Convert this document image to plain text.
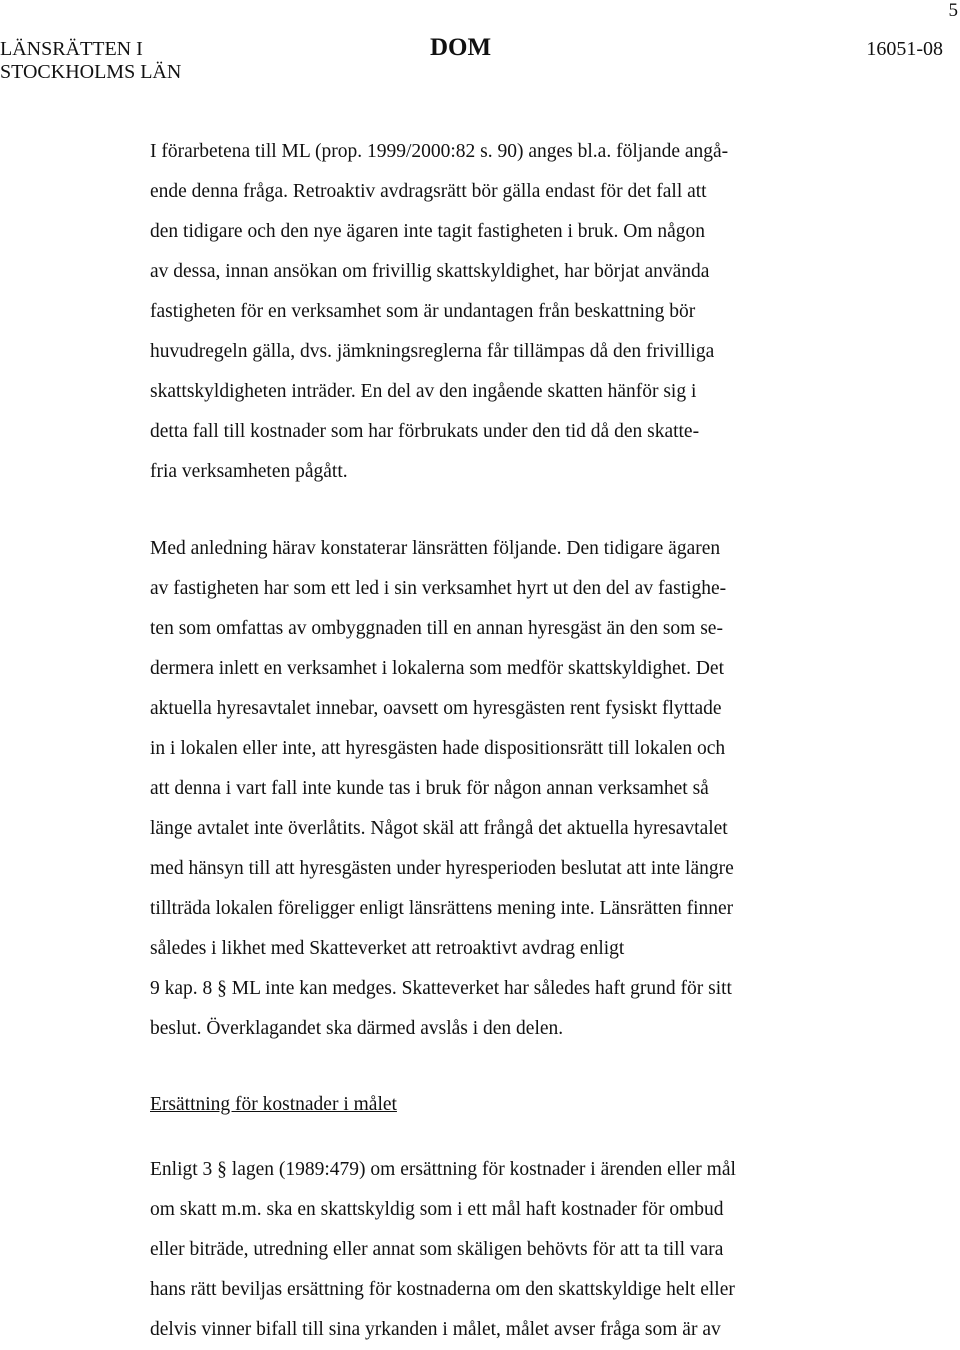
5
LÄNSRÄTTEN I
STOCKHOLMS LÄN
DOM	16051-08
I förarbetena till ML (prop. 1999/2000:82 s. 90) anges bl.a. följande angå-
ende denna fråga. Retroaktiv avdragsrätt bör gälla endast för det fall att
den tidigare och den nye ägaren inte tagit fastigheten i bruk. Om någon
av dessa, innan ansökan om frivillig skattskyldighet, har börjat använda
fastigheten för en verksamhet som är undantagen från beskattning bör
huvudregeln gälla, dvs. jämkningsreglerna får tillämpas då den frivilliga
skattskyldigheten inträder. En del av den ingående skatten hänför sig i
detta fall till kostnader som har förbrukats under den tid då den skatte-
fria verksamheten pågått.
Med anledning härav konstaterar länsrätten följande. Den tidigare ägaren
av fastigheten har som ett led i sin verksamhet hyrt ut den del av fastighe-
ten som omfattas av ombyggnaden till en annan hyresgäst än den som se-
dermera inlett en verksamhet i lokalerna som medför skattskyldighet. Det
aktuella hyresavtalet innebar, oavsett om hyresgästen rent fysiskt flyttade
in i lokalen eller inte, att hyresgästen hade dispositionsrätt till lokalen och
att denna i vart fall inte kunde tas i bruk för någon annan verksamhet så
länge avtalet inte överlåtits. Något skäl att frångå det aktuella hyresavtalet
med hänsyn till att hyresgästen under hyresperioden beslutat att inte längre
tillträda lokalen föreligger enligt länsrättens mening inte. Länsrätten finner
således i likhet med Skatteverket att retroaktivt avdrag enligt
9 kap. 8 § ML inte kan medges. Skatteverket har således haft grund för sitt
beslut. Överklagandet ska därmed avslås i den delen.
Ersättning för kostnader i målet
Enligt 3 § lagen (1989:479) om ersättning för kostnader i ärenden eller mål
om skatt m.m. ska en skattskyldig som i ett mål haft kostnader för ombud
eller biträde, utredning eller annat som skäligen behövts för att ta till vara
hans rätt beviljas ersättning för kostnaderna om den skattskyldige helt eller
delvis vinner bifall till sina yrkanden i målet, målet avser fråga som är av
